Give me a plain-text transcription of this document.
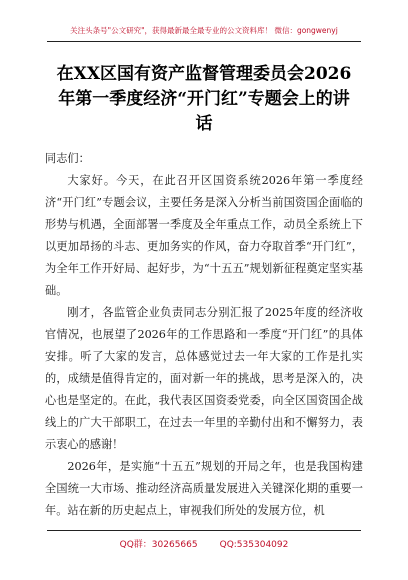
关注头条号"公文研究"，获得最新最全最专业的公文资料库！ 微信：gongwenyj
在XX区国有资产监督管理委员会2026年第一季度经济“开门红”专题会上的讲话

同志们：

大家好。今天，在此召开区国资系统2026年第一季度经济“开门红”专题会议，主要任务是深入分析当前国资国企面临的形势与机遇，全面部署一季度及全年重点工作，动员全系统上下以更加昂扬的斗志、更加务实的作风，奋力夺取首季“开门红”，为全年工作开好局、起好步，为“十五五”规划新征程奠定坚实基础。

刚才，各监管企业负责同志分别汇报了2025年度的经济收官情况，也展望了2026年的工作思路和一季度“开门红”的具体安排。听了大家的发言，总体感觉过去一年大家的工作是扎实的，成绩是值得肯定的，面对新一年的挑战，思考是深入的，决心也是坚定的。在此，我代表区国资委党委，向全区国资国企战线上的广大干部职工，在过去一年里的辛勤付出和不懈努力，表示衷心的感谢！

2026年，是实施“十五五”规划的开局之年，也是我国构建全国统一大市场、推动经济高质量发展进入关键深化期的重要一年。站在新的历史起点上，审视我们所处的发展方位，机

QQ群：30265665 QQ:535304092
